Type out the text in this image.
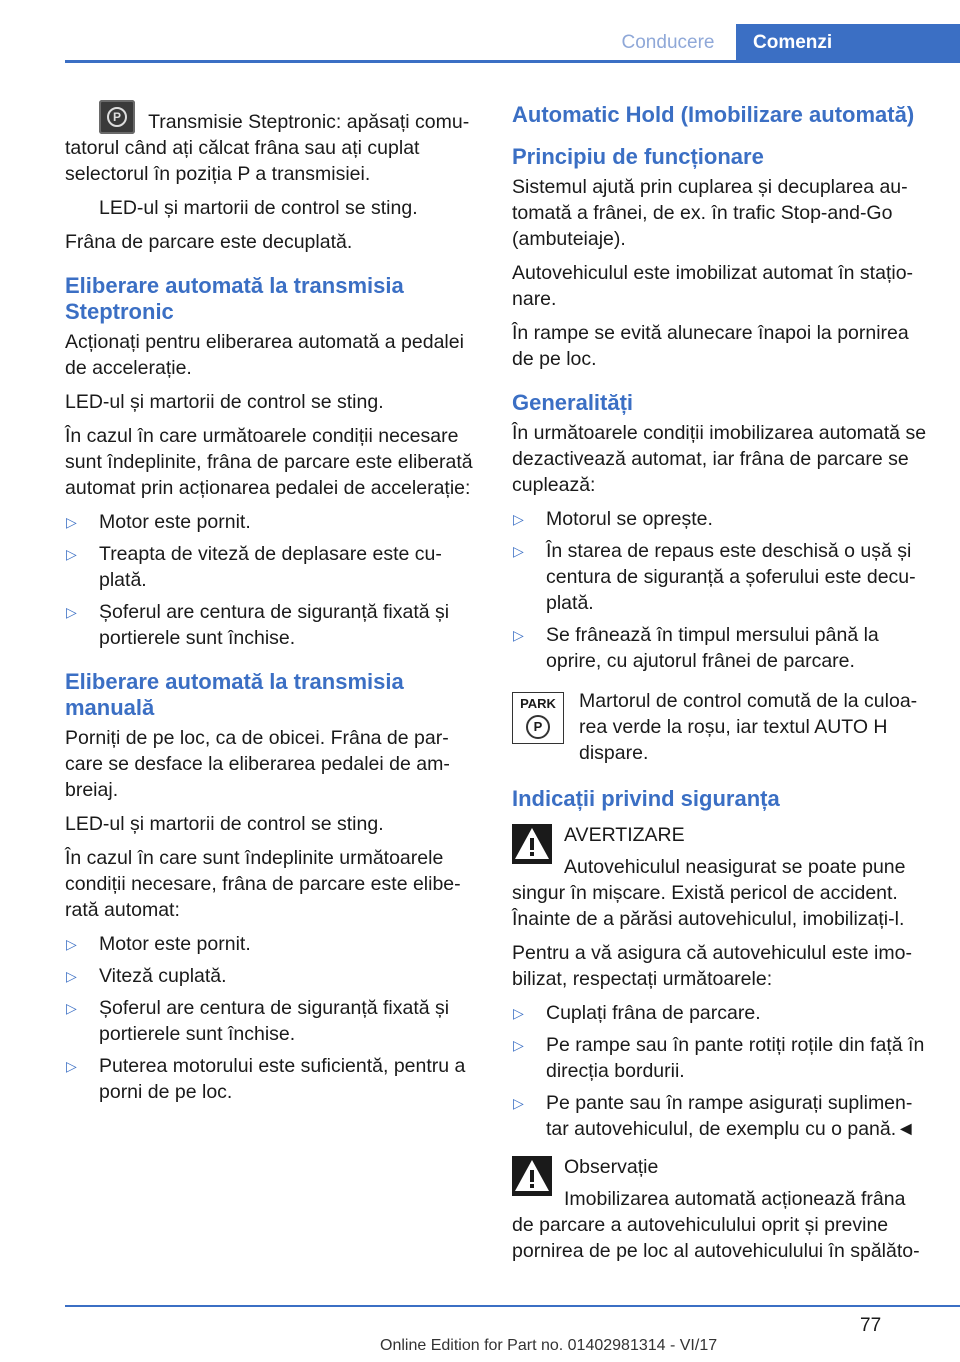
Conducere	Comenzi

P	Transmisie Steptronic: apăsați comu- tatorul când ați călcat frâna sau ați cuplat selectorul în poziția P a transmisiei.

LED-ul și martorii de control se sting.

Frâna de parcare este decuplată.

Eliberare automată la transmisia Steptronic

Acționați pentru eliberarea automată a pedalei de accelerație.

LED-ul și martorii de control se sting.

În cazul în care următoarele condiții necesare sunt îndeplinite, frâna de parcare este eliberată automat prin acționarea pedalei de accelerație:

▷ Motor este pornit.
▷ Treapta de viteză de deplasare este cu- plată.
▷ Șoferul are centura de siguranță fixată și portierele sunt închise.
Eliberare automată la transmisia manuală

Porniți de pe loc, ca de obicei. Frâna de par- care se desface la eliberarea pedalei de am- breiaj.

LED-ul și martorii de control se sting.

În cazul în care sunt îndeplinite următoarele condiții necesare, frâna de parcare este elibe- rată automat:

▷ Motor este pornit.
▷ Viteză cuplată.
▷ Șoferul are centura de siguranță fixată și portierele sunt închise.
▷ Puterea motorului este suficientă, pentru a porni de pe loc.
Automatic Hold (Imobilizare automată)
Principiu de funcționare

Sistemul ajută prin cuplarea și decuplarea au- tomată a frânei, de ex. în trafic Stop-and-Go (ambuteiaje).

Autovehiculul este imobilizat automat în stațio- nare.

În rampe se evită alunecare înapoi la pornirea de pe loc.

Generalități

În următoarele condiții imobilizarea automată se dezactivează automat, iar frâna de parcare se cuplează:

▷ Motorul se oprește.
▷ În starea de repaus este deschisă o ușă și centura de siguranță a șoferului este decu- plată.
▷ Se frânează în timpul mersului până la oprire, cu ajutorul frânei de parcare.
PARK
P

Martorul de control comută de la culoa- rea verde la roșu, iar textul AUTO H dispare.

Indicații privind siguranța

AVERTIZARE

Autovehiculul neasigurat se poate pune singur în mișcare. Există pericol de accident. Înainte de a părăsi autovehiculul, imobilizați-l.

Pentru a vă asigura că autovehiculul este imo- bilizat, respectați următoarele:

▷ Cuplați frâna de parcare.
▷ Pe rampe sau în pante rotiți roțile din față în direcția bordurii.
▷ Pe pante sau în rampe asigurați suplimen- tar autovehiculul, de exemplu cu o pană.◄

Observație

Imobilizarea automată acționează frâna de parcare a autovehiculului oprit și previne pornirea de pe loc al autovehiculului în spălăto-

77
Online Edition for Part no. 01402981314 - VI/17
